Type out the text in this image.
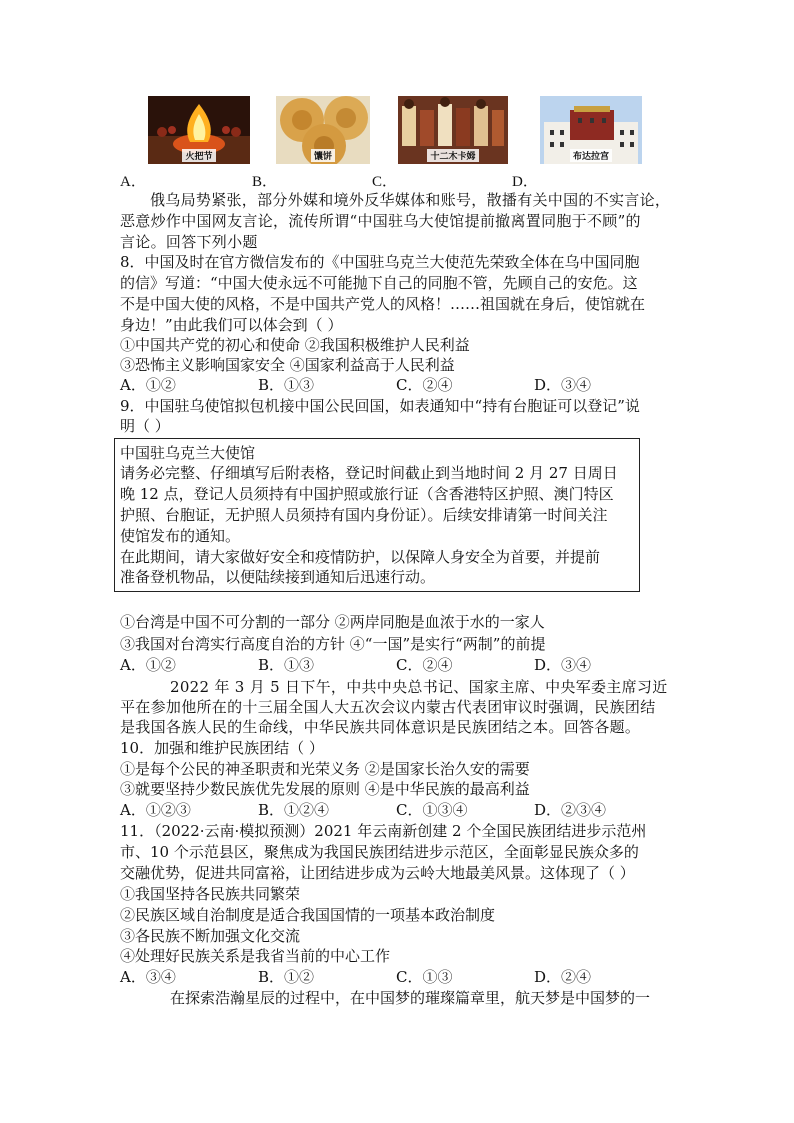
火把节	馕饼	十二木卡姆	布达拉宫
A．	B．	C．	D．
俄乌局势紧张，部分外媒和境外反华媒体和账号，散播有关中国的不实言论，
恶意炒作中国网友言论，流传所谓“中国驻乌大使馆提前撤离置同胞于不顾”的
言论。回答下列小题
8．中国及时在官方微信发布的《中国驻乌克兰大使范先荣致全体在乌中国同胞
的信》写道：“中国大使永远不可能抛下自己的同胞不管，先顾自己的安危。这
不是中国大使的风格，不是中国共产党人的风格！……祖国就在身后，使馆就在
身边！”由此我们可以体会到（ ）
①中国共产党的初心和使命 ②我国积极维护人民利益
③恐怖主义影响国家安全 ④国家利益高于人民利益
A．①②	B．①③	C．②④	D．③④
9．中国驻乌使馆拟包机接中国公民回国，如表通知中“持有台胞证可以登记”说
明（ ）
中国驻乌克兰大使馆
请务必完整、仔细填写后附表格，登记时间截止到当地时间 2 月 27 日周日
晚 12 点，登记人员须持有中国护照或旅行证（含香港特区护照、澳门特区
护照、台胞证，无护照人员须持有国内身份证）。后续安排请第一时间关注
使馆发布的通知。
在此期间，请大家做好安全和疫情防护，以保障人身安全为首要，并提前
准备登机物品，以便陆续接到通知后迅速行动。
①台湾是中国不可分割的一部分 ②两岸同胞是血浓于水的一家人
③我国对台湾实行高度自治的方针 ④“一国”是实行“两制”的前提
A．①②	B．①③	C．②④	D．③④
2022 年 3 月 5 日下午，中共中央总书记、国家主席、中央军委主席习近
平在参加他所在的十三届全国人大五次会议内蒙古代表团审议时强调，民族团结
是我国各族人民的生命线，中华民族共同体意识是民族团结之本。回答各题。
10．加强和维护民族团结（ ）
①是每个公民的神圣职责和光荣义务 ②是国家长治久安的需要
③就要坚持少数民族优先发展的原则 ④是中华民族的最高利益
A．①②③	B．①②④	C．①③④	D．②③④
11．（2022·云南·模拟预测）2021 年云南新创建 2 个全国民族团结进步示范州
市、10 个示范县区，聚焦成为我国民族团结进步示范区，全面彰显民族众多的
交融优势，促进共同富裕，让团结进步成为云岭大地最美风景。这体现了（ ）
①我国坚持各民族共同繁荣
②民族区域自治制度是适合我国国情的一项基本政治制度
③各民族不断加强文化交流
④处理好民族关系是我省当前的中心工作
A．③④	B．①②	C．①③	D．②④
在探索浩瀚星辰的过程中，在中国梦的璀璨篇章里，航天梦是中国梦的一
